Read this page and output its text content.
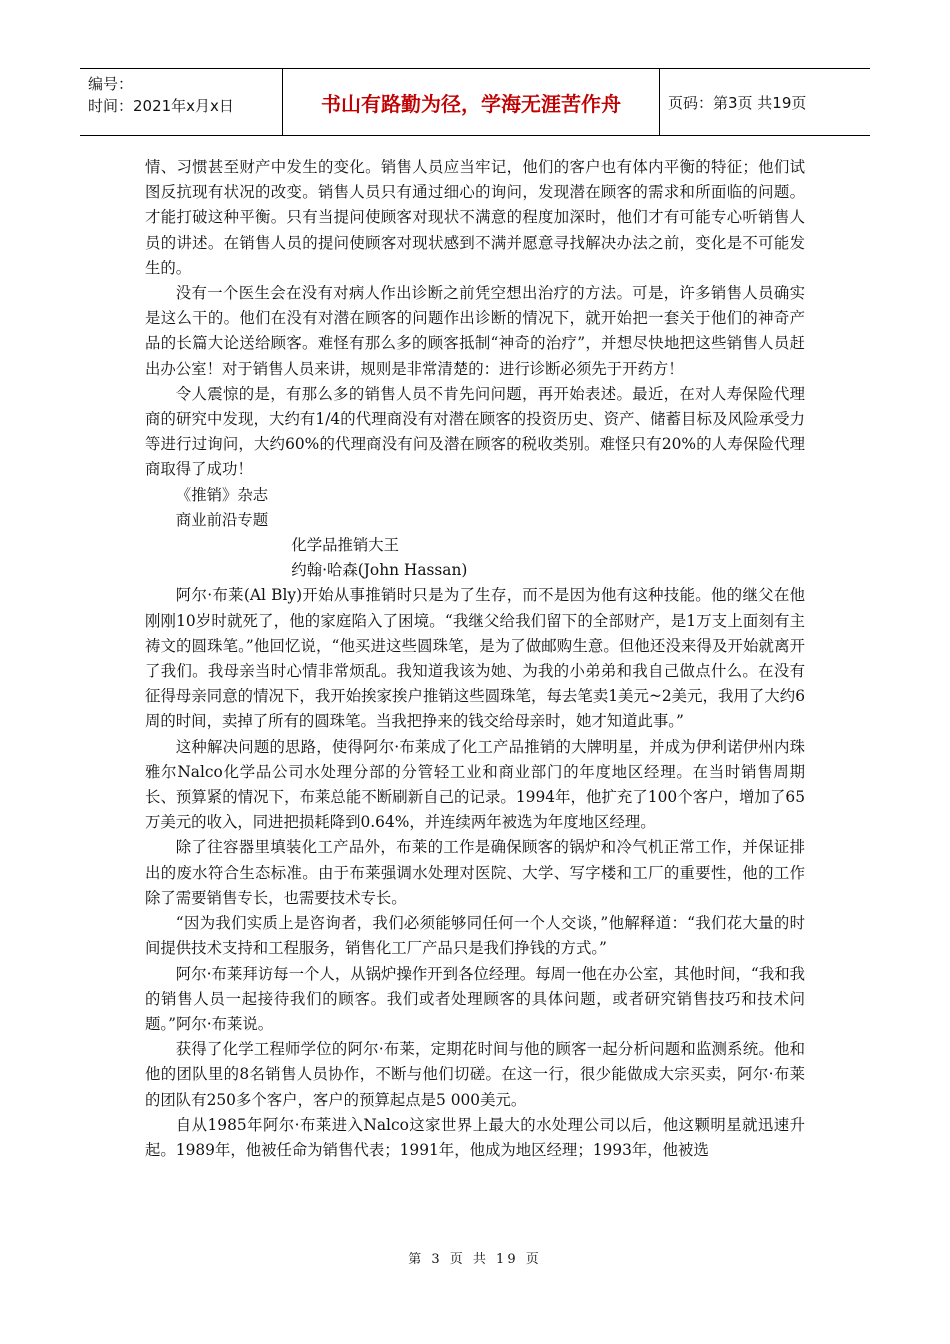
编号：
时间：2021年x月x日	书山有路勤为径，学海无涯苦作舟	页码：第3页 共19页

情、习惯甚至财产中发生的变化。销售人员应当牢记，他们的客户也有体内平衡的特征；他们试图反抗现有状况的改变。销售人员只有通过细心的询问，发现潜在顾客的需求和所面临的问题。才能打破这种平衡。只有当提问使顾客对现状不满意的程度加深时，他们才有可能专心听销售人员的讲述。在销售人员的提问使顾客对现状感到不满并愿意寻找解决办法之前，变化是不可能发生的。

没有一个医生会在没有对病人作出诊断之前凭空想出治疗的方法。可是，许多销售人员确实是这么干的。他们在没有对潜在顾客的问题作出诊断的情况下，就开始把一套关于他们的神奇产品的长篇大论送给顾客。难怪有那么多的顾客抵制“神奇的治疗”，并想尽快地把这些销售人员赶出办公室！对于销售人员来讲，规则是非常清楚的：进行诊断必须先于开药方！

令人震惊的是，有那么多的销售人员不肯先问问题，再开始表述。最近，在对人寿保险代理商的研究中发现，大约有1/4的代理商没有对潜在顾客的投资历史、资产、储蓄目标及风险承受力等进行过询问，大约60%的代理商没有问及潜在顾客的税收类别。难怪只有20%的人寿保险代理商取得了成功！

《推销》杂志

商业前沿专题

化学品推销大王

约翰·哈森(John Hassan)

阿尔·布莱(Al Bly)开始从事推销时只是为了生存，而不是因为他有这种技能。他的继父在他刚刚10岁时就死了，他的家庭陷入了困境。“我继父给我们留下的全部财产，是1万支上面刻有主祷文的圆珠笔。”他回忆说，“他买进这些圆珠笔，是为了做邮购生意。但他还没来得及开始就离开了我们。我母亲当时心情非常烦乱。我知道我该为她、为我的小弟弟和我自己做点什么。在没有征得母亲同意的情况下，我开始挨家挨户推销这些圆珠笔，每去笔卖1美元~2美元，我用了大约6周的时间，卖掉了所有的圆珠笔。当我把挣来的钱交给母亲时，她才知道此事。”

这种解决问题的思路，使得阿尔·布莱成了化工产品推销的大牌明星，并成为伊利诺伊州内珠雅尔Nalco化学品公司水处理分部的分管轻工业和商业部门的年度地区经理。在当时销售周期长、预算紧的情况下，布莱总能不断刷新自己的记录。1994年，他扩充了100个客户，增加了65万美元的收入，同进把损耗降到0.64%，并连续两年被选为年度地区经理。

除了往容器里填装化工产品外，布莱的工作是确保顾客的锅炉和冷气机正常工作，并保证排出的废水符合生态标准。由于布莱强调水处理对医院、大学、写字楼和工厂的重要性，他的工作除了需要销售专长，也需要技术专长。

“因为我们实质上是咨询者，我们必须能够同任何一个人交谈，”他解释道：“我们花大量的时间提供技术支持和工程服务，销售化工厂产品只是我们挣钱的方式。”

阿尔·布莱拜访每一个人，从锅炉操作开到各位经理。每周一他在办公室，其他时间，“我和我的销售人员一起接待我们的顾客。我们或者处理顾客的具体问题，或者研究销售技巧和技术问题。”阿尔·布莱说。

获得了化学工程师学位的阿尔·布莱，定期花时间与他的顾客一起分析问题和监测系统。他和他的团队里的8名销售人员协作，不断与他们切磋。在这一行，很少能做成大宗买卖，阿尔·布莱的团队有250多个客户，客户的预算起点是5 000美元。

自从1985年阿尔·布莱进入Nalco这家世界上最大的水处理公司以后，他这颗明星就迅速升起。1989年，他被任命为销售代表；1991年，他成为地区经理；1993年，他被选

第 3 页 共 19 页
